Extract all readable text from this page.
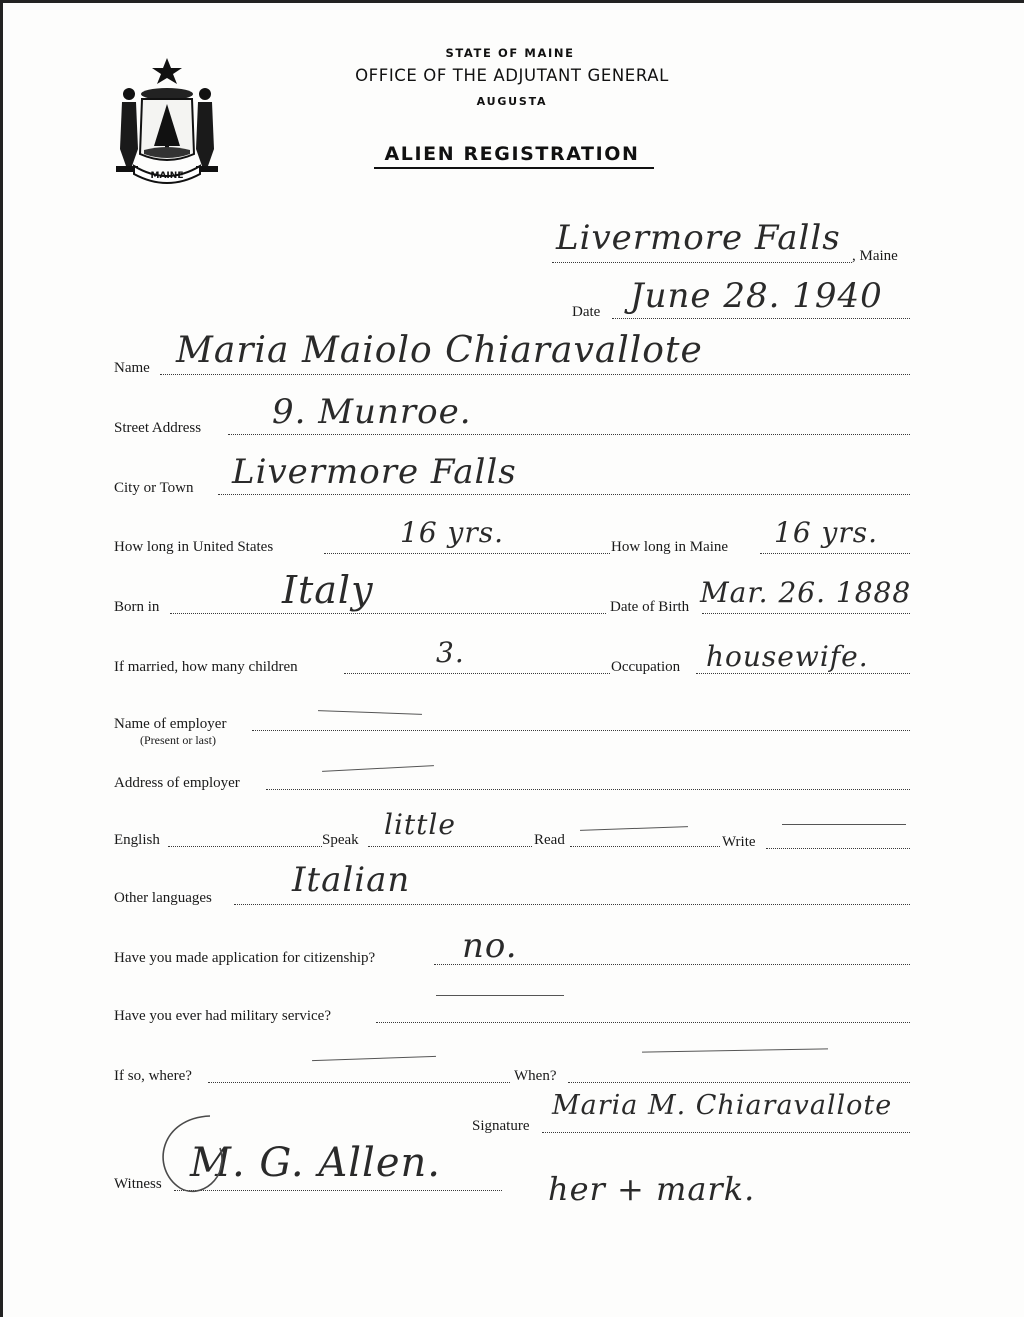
MAINE
STATE OF MAINE
OFFICE OF THE ADJUTANT GENERAL
AUGUSTA
ALIEN REGISTRATION
Livermore Falls , Maine
Date June 28. 1940
Name Maria Maiolo Chiaravallote
Street Address 9. Munroe.
City or Town Livermore Falls
How long in United States	16 yrs.	How long in Maine 16 yrs.
Born in	Italy	Date of Birth Mar. 26. 1888
If married, how many children	3.	Occupation housewife.
Name of employer
(Present or last)
Address of employer
English	Speak little	Read	Write
Other languages Italian
Have you made application for citizenship?	no.
Have you ever had military service?
If so, where?	When?
Signature
Maria M. Chiaravallote
Witness M. G. Allen.
her + mark.
